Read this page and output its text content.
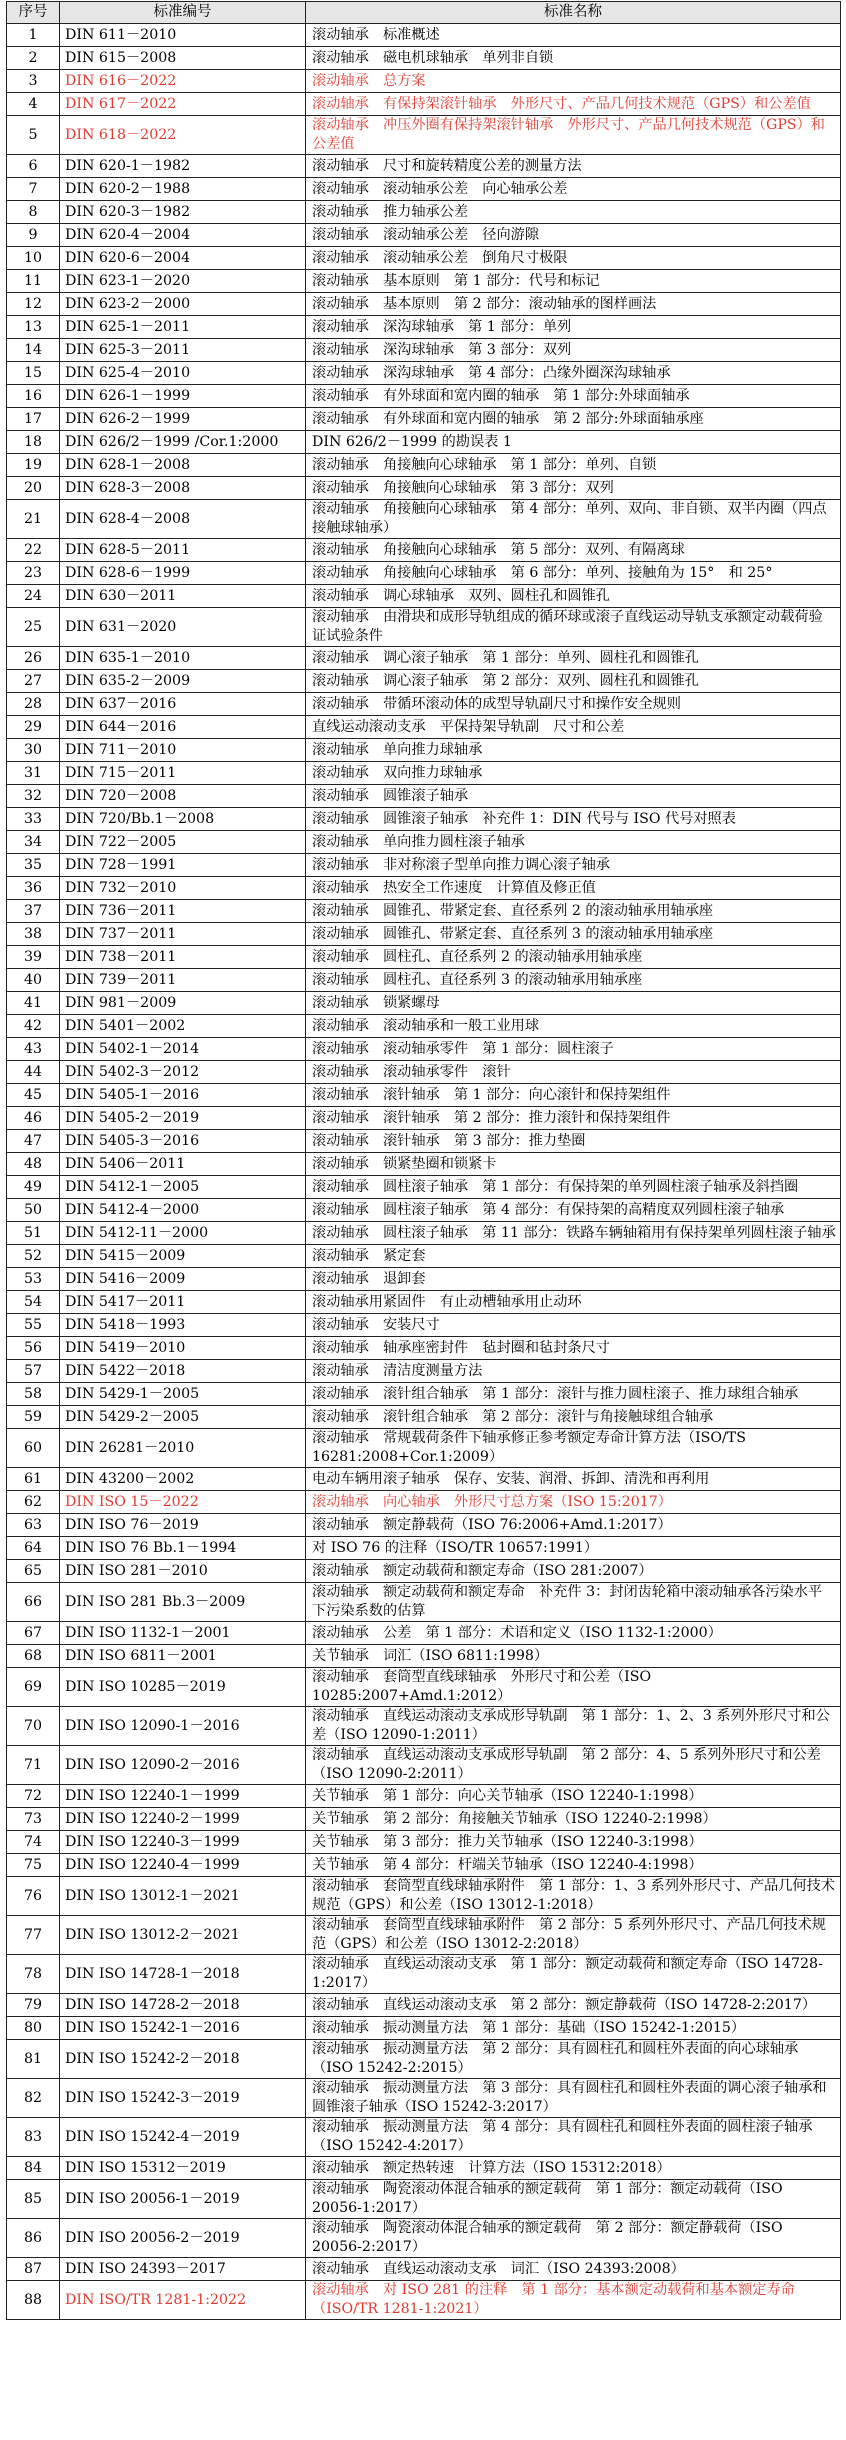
序号	标准编号	标准名称
1	DIN 611－2010	滚动轴承　标准概述
2	DIN 615－2008	滚动轴承　磁电机球轴承　单列非自锁
3	DIN 616－2022	滚动轴承　总方案
4	DIN 617－2022	滚动轴承　有保持架滚针轴承　外形尺寸、产品几何技术规范（GPS）和公差值
5	DIN 618－2022	滚动轴承　冲压外圈有保持架滚针轴承　外形尺寸、产品几何技术规范（GPS）和公差值
6	DIN 620-1－1982	滚动轴承　尺寸和旋转精度公差的测量方法
7	DIN 620-2－1988	滚动轴承　滚动轴承公差　向心轴承公差
8	DIN 620-3－1982	滚动轴承　推力轴承公差
9	DIN 620-4－2004	滚动轴承　滚动轴承公差　径向游隙
10	DIN 620-6－2004	滚动轴承　滚动轴承公差　倒角尺寸极限
11	DIN 623-1－2020	滚动轴承　基本原则　第 1 部分：代号和标记
12	DIN 623-2－2000	滚动轴承　基本原则　第 2 部分：滚动轴承的图样画法
13	DIN 625-1－2011	滚动轴承　深沟球轴承　第 1 部分：单列
14	DIN 625-3－2011	滚动轴承　深沟球轴承　第 3 部分：双列
15	DIN 625-4－2010	滚动轴承　深沟球轴承　第 4 部分：凸缘外圈深沟球轴承
16	DIN 626-1－1999	滚动轴承　有外球面和宽内圈的轴承　第 1 部分:外球面轴承
17	DIN 626-2－1999	滚动轴承　有外球面和宽内圈的轴承　第 2 部分:外球面轴承座
18	DIN 626/2－1999 /Cor.1:2000	DIN 626/2－1999 的勘误表 1
19	DIN 628-1－2008	滚动轴承　角接触向心球轴承　第 1 部分：单列、自锁
20	DIN 628-3－2008	滚动轴承　角接触向心球轴承　第 3 部分：双列
21	DIN 628-4－2008	滚动轴承　角接触向心球轴承　第 4 部分：单列、双向、非自锁、双半内圈（四点接触球轴承）
22	DIN 628-5－2011	滚动轴承　角接触向心球轴承　第 5 部分：双列、有隔离球
23	DIN 628-6－1999	滚动轴承　角接触向心球轴承　第 6 部分：单列、接触角为 15°　和 25°
24	DIN 630－2011	滚动轴承　调心球轴承　双列、圆柱孔和圆锥孔
25	DIN 631－2020	滚动轴承　由滑块和成形导轨组成的循环球或滚子直线运动导轨支承额定动载荷验证试验条件
26	DIN 635-1－2010	滚动轴承　调心滚子轴承　第 1 部分：单列、圆柱孔和圆锥孔
27	DIN 635-2－2009	滚动轴承　调心滚子轴承　第 2 部分：双列、圆柱孔和圆锥孔
28	DIN 637－2016	滚动轴承　带循环滚动体的成型导轨副尺寸和操作安全规则
29	DIN 644－2016	直线运动滚动支承　平保持架导轨副　尺寸和公差
30	DIN 711－2010	滚动轴承　单向推力球轴承
31	DIN 715－2011	滚动轴承　双向推力球轴承
32	DIN 720－2008	滚动轴承　圆锥滚子轴承
33	DIN 720/Bb.1－2008	滚动轴承　圆锥滚子轴承　补充件 1：DIN 代号与 ISO 代号对照表
34	DIN 722－2005	滚动轴承　单向推力圆柱滚子轴承
35	DIN 728－1991	滚动轴承　非对称滚子型单向推力调心滚子轴承
36	DIN 732－2010	滚动轴承　热安全工作速度　计算值及修正值
37	DIN 736－2011	滚动轴承　圆锥孔、带紧定套、直径系列 2 的滚动轴承用轴承座
38	DIN 737－2011	滚动轴承　圆锥孔、带紧定套、直径系列 3 的滚动轴承用轴承座
39	DIN 738－2011	滚动轴承　圆柱孔、直径系列 2 的滚动轴承用轴承座
40	DIN 739－2011	滚动轴承　圆柱孔、直径系列 3 的滚动轴承用轴承座
41	DIN 981－2009	滚动轴承　锁紧螺母
42	DIN 5401－2002	滚动轴承　滚动轴承和一般工业用球
43	DIN 5402-1－2014	滚动轴承　滚动轴承零件　第 1 部分：圆柱滚子
44	DIN 5402-3－2012	滚动轴承　滚动轴承零件　滚针
45	DIN 5405-1－2016	滚动轴承　滚针轴承　第 1 部分：向心滚针和保持架组件
46	DIN 5405-2－2019	滚动轴承　滚针轴承　第 2 部分：推力滚针和保持架组件
47	DIN 5405-3－2016	滚动轴承　滚针轴承　第 3 部分：推力垫圈
48	DIN 5406－2011	滚动轴承　锁紧垫圈和锁紧卡
49	DIN 5412-1－2005	滚动轴承　圆柱滚子轴承　第 1 部分：有保持架的单列圆柱滚子轴承及斜挡圈
50	DIN 5412-4－2000	滚动轴承　圆柱滚子轴承　第 4 部分：有保持架的高精度双列圆柱滚子轴承
51	DIN 5412-11－2000	滚动轴承　圆柱滚子轴承　第 11 部分：铁路车辆轴箱用有保持架单列圆柱滚子轴承
52	DIN 5415－2009	滚动轴承　紧定套
53	DIN 5416－2009	滚动轴承　退卸套
54	DIN 5417－2011	滚动轴承用紧固件　有止动槽轴承用止动环
55	DIN 5418－1993	滚动轴承　安装尺寸
56	DIN 5419－2010	滚动轴承　轴承座密封件　毡封圈和毡封条尺寸
57	DIN 5422－2018	滚动轴承　清洁度测量方法
58	DIN 5429-1－2005	滚动轴承　滚针组合轴承　第 1 部分：滚针与推力圆柱滚子、推力球组合轴承
59	DIN 5429-2－2005	滚动轴承　滚针组合轴承　第 2 部分：滚针与角接触球组合轴承
60	DIN 26281－2010	滚动轴承　常规载荷条件下轴承修正参考额定寿命计算方法（ISO/TS 16281:2008+Cor.1:2009）
61	DIN 43200－2002	电动车辆用滚子轴承　保存、安装、润滑、拆卸、清洗和再利用
62	DIN ISO 15－2022	滚动轴承　向心轴承　外形尺寸总方案（ISO 15:2017）
63	DIN ISO 76－2019	滚动轴承　额定静载荷（ISO 76:2006+Amd.1:2017）
64	DIN ISO 76 Bb.1－1994	对 ISO 76 的注释（ISO/TR 10657:1991）
65	DIN ISO 281－2010	滚动轴承　额定动载荷和额定寿命（ISO 281:2007）
66	DIN ISO 281 Bb.3－2009	滚动轴承　额定动载荷和额定寿命　补充件 3：封闭齿轮箱中滚动轴承各污染水平下污染系数的估算
67	DIN ISO 1132-1－2001	滚动轴承　公差　第 1 部分：术语和定义（ISO 1132-1:2000）
68	DIN ISO 6811－2001	关节轴承　词汇（ISO 6811:1998）
69	DIN ISO 10285－2019	滚动轴承　套筒型直线球轴承　外形尺寸和公差（ISO 10285:2007+Amd.1:2012）
70	DIN ISO 12090-1－2016	滚动轴承　直线运动滚动支承成形导轨副　第 1 部分：1、2、3 系列外形尺寸和公差（ISO 12090-1:2011）
71	DIN ISO 12090-2－2016	滚动轴承　直线运动滚动支承成形导轨副　第 2 部分：4、5 系列外形尺寸和公差（ISO 12090-2:2011）
72	DIN ISO 12240-1－1999	关节轴承　第 1 部分：向心关节轴承（ISO 12240-1:1998）
73	DIN ISO 12240-2－1999	关节轴承　第 2 部分：角接触关节轴承（ISO 12240-2:1998）
74	DIN ISO 12240-3－1999	关节轴承　第 3 部分：推力关节轴承（ISO 12240-3:1998）
75	DIN ISO 12240-4－1999	关节轴承　第 4 部分：杆端关节轴承（ISO 12240-4:1998）
76	DIN ISO 13012-1－2021	滚动轴承　套筒型直线球轴承附件　第 1 部分：1、3 系列外形尺寸、产品几何技术规范（GPS）和公差（ISO 13012-1:2018）
77	DIN ISO 13012-2－2021	滚动轴承　套筒型直线球轴承附件　第 2 部分：5 系列外形尺寸、产品几何技术规范（GPS）和公差（ISO 13012-2:2018）
78	DIN ISO 14728-1－2018	滚动轴承　直线运动滚动支承　第 1 部分：额定动载荷和额定寿命（ISO 14728-1:2017）
79	DIN ISO 14728-2－2018	滚动轴承　直线运动滚动支承　第 2 部分：额定静载荷（ISO 14728-2:2017）
80	DIN ISO 15242-1－2016	滚动轴承　振动测量方法　第 1 部分：基础（ISO 15242-1:2015）
81	DIN ISO 15242-2－2018	滚动轴承　振动测量方法　第 2 部分：具有圆柱孔和圆柱外表面的向心球轴承（ISO 15242-2:2015）
82	DIN ISO 15242-3－2019	滚动轴承　振动测量方法　第 3 部分：具有圆柱孔和圆柱外表面的调心滚子轴承和圆锥滚子轴承（ISO 15242-3:2017）
83	DIN ISO 15242-4－2019	滚动轴承　振动测量方法　第 4 部分：具有圆柱孔和圆柱外表面的圆柱滚子轴承（ISO 15242-4:2017）
84	DIN ISO 15312－2019	滚动轴承　额定热转速　计算方法（ISO 15312:2018）
85	DIN ISO 20056-1－2019	滚动轴承　陶瓷滚动体混合轴承的额定载荷　第 1 部分：额定动载荷（ISO 20056-1:2017）
86	DIN ISO 20056-2－2019	滚动轴承　陶瓷滚动体混合轴承的额定载荷　第 2 部分：额定静载荷（ISO 20056-2:2017）
87	DIN ISO 24393－2017	滚动轴承　直线运动滚动支承　词汇（ISO 24393:2008）
88	DIN ISO/TR 1281-1:2022	滚动轴承　对 ISO 281 的注释　第 1 部分：基本额定动载荷和基本额定寿命（ISO/TR 1281-1:2021）
